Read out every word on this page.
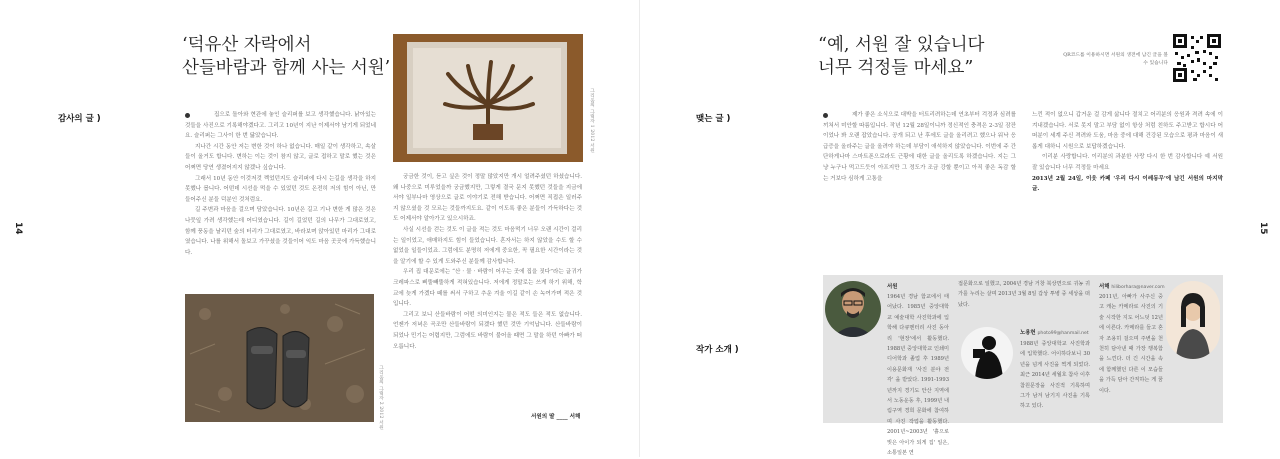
‘덕유산 자락에서
산들바람과 함께 사는 서원’
감사의 글 )
14

집으로 돌아와 현관에 놓인 슬리퍼를 보고 생각했습니다. 낡아있는 것들을 사진으로 기록해야겠다고. 그리고 10년이 지난 이제서야 남기게 되었네요. 슬리퍼는 그사이 한 번 닳았습니다.

지나간 시간 동안 저는 변한 것이 하나 없습니다. 매일 같이 생각하고, 속살들이 올거도 합니다. 변하는 이는 것이 참지 않고, 글로 접하고 말로 했는 것은 어쩌면 당연 생겼어지지 않겠나 싶습니다.

그래서 10년 동안 이것저것 껙었던지도 슬리퍼에 다시 는길을 생각을 하지 못했나 봅니다. 어떤데 시선을 먹을 수 있었던 것도 온전히 저의 힘이 아닌, 만들어주신 분들 덕분인 것처럼요.

길 주변과 마음을 걸으며 담았습니다. 10년은 길고 기나 변한 게 많은 것은 나뭇잎 가려 생각했는데 어디였습니다. 길이 길었던 길의 나무가 그대로였고, 함께 풍동을 날리던 숲의 터리가 그대로였고, 바라보며 앉아있던 마리가 그대로였습니다. 나를 위해서 돌보고 가꾸셨을 것들이어 익도 마음 곳곳에 가득했습니다.

궁금한 것이, 듣고 싶은 것이 정말 많았지만 개시 얼려주셨던 하셨습니다. 왜 나중으로 미루었을까 궁금했지만, 그렇게 결국 문지 못했던 것들을 지금에서야 일부나마 영상으로 글로 이야기로 전해 받습니다. 어쩌면 직접은 일러주지 않으셨을 것 모르는 것들까지도요. 같이 이도록 좋은 분들이 가득하다는 것도 어제서야 알아가고 있으시하죠.

사실 시선을 걷는 것도 이 글을 적는 것도 마음먹기 너무 오랜 시간이 걸리는 일이었고, 애매하지도 힘이 들었습니다. 혼자서는 하지 않았을 수도 할 수 없었을 일들이었죠. 그럼에도 분명히 저에게 중요한, 꼭 필요한 시간이라는 것을 알기에 할 수 있게 도와주신 분들께 감사합니다.

우리 집 대문로에는 “산 · 물 · 바람이 어우는 곳에 집을 짓다”라는 글귀가 크레파스로 삐뚤빼뚤하게 적혀있습니다. 저에게 정말로는 쓰게 하기 위해, 학교에 늦게 가겠다 떼를 써서 구하고 추운 겨울 이길 같이 손 녹여가며 적은 것입니다.

그리고 보니 산들바람이 어떤 의미인지는 물은 적도 들은 적도 없습니다. 언젠가 저녁은 곡조만 산들바람이 되겠다 했던 것만 기억납니다. 산들바람이 되었나 민기는 어렵지만, 그럼에도 바람이 불어올 때면 그 말을 하던 아빠가 떠오릅니다.

그리움의 그림자 1 2012 서원
그리움의 그림자 2 2012 서원	서원의 딸 ____ 서해
“예, 서원 잘 있습니다
너무 걱정들 마세요”
QR코드를 이용하시면 서원의 생전에 남긴 글을 볼 수 있습니다
맺는 글 )
작가 소개 )
15

제가 좋은 소식으로 대박을 터트리려하는데 연초부터 걱정과 심려를 끼쳐서 미안할 따름입니다. 작년 12월 28일이니까 정신적인 충격은 2-3일 잠잔이었나 봐 오랜 잡았습니다. 공개 되고 난 후에도 글을 올리려고 했으나 워낙 응급증을 올라주는 글을 올려야 하는데 부담이 애석하지 않았습니다. 이번에 주 간단하게나마 스마트폰으로라도 근황에 대한 글을 올리도록 하겠습니다. 지는 그냥 누구나 먹고드듯이 아프지만 그 정도가 조금 강할 뿐이고 아직 좋은 독감 할는 거보다 심하게 고통을

느낀 적이 없으니 갑거운 걸 감게 삶니다 절치고 어리분의 응원과 격려 속에 이겨내겠습니다. 서로 못지 말고 부담 없이 항상 처럼 친하도 주고받고 합시다 어떠분이 세계 주신 격려와 도움, 마음 중에 대해 건강된 모습으로 평과 마음이 새롭게 대하니 시원으로 보답하겠습니다.

이리분 사랑합니다. 이리분의 과분한 사랑 다시 한 번 감사합니다 예 서원 잘 있습니다 너무 걱정들 마세요

2013년 2월 24일, 이웃 카페 '우리 다시 이레동무'에 남긴 서원의 마지막 글.

서원
1964년 경남 함교에서 태어났다. 1985년 중앙대학교 예술대학 사진학과에 입학해 다큐멘터리 사진 동아리 '현장'에서 활동했다. 1988년 중앙대학교 인쇄미디어학과 졸업 후 1989년 이용문화재 '사진 분야 전각' 을 받았다. 1991-1993년까지 경기도 안산 지역에서 노동운동 후, 1999년 내림구역 경희 문화에 참여하며 사진 작업을 활동했다. 2001년~2003년 '흙으로 빚은 아이가 되게 집' 일은, 소통일본 연
접문화으로 일했고, 2004년 경남 거창 북상면으로 귀농 귀가를 누리는 살며 2013년 3월 8일 갑상 투병 중 세상을 떠났다.
노용헌 photo99@hanmail.net
1988년 중앙대학교 사진학과에 입학했다. 어이하다보니 30년을 넘게 사진을 찍게 되었다. 최근 2014년 세월호 참사 이후 참원문장을 사진적 기록하며 그가 남겨 남기지 사진을 기록하고 있다.
서해 hiliborhara@naver.com
2011년, 아빠가 사주신 중고 캐논 카메라로 사진의 기술 시작한 지도 어느덧 12년에 이른다. 카메라를 들고 혼자 조용히 걸으며 주변을 천천히 담아낸 때 가장 행복함을 느낀다. 더 긴 시간을 속에 함께했던 다른 이 모습들을 가득 담아 간직하는 게 꿈이다.
